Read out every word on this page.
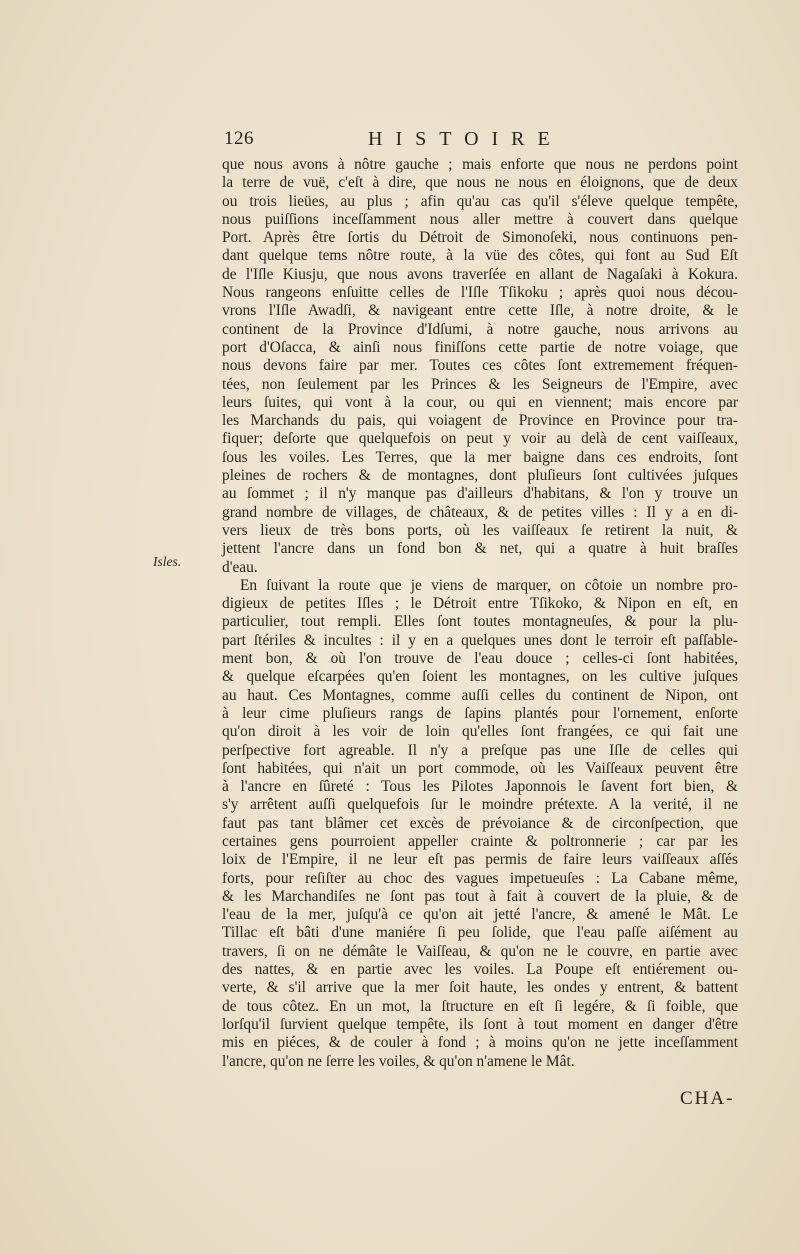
126	HISTOIRE
Isles.
que nous avons à nôtre gauche ; mais enforte que nous ne perdons point
la terre de vuë, c'eſt à dire, que nous ne nous en éloignons, que de deux
ou trois lieües, au plus ; afin qu'au cas qu'il s'éleve quelque tempête,
nous puiſſions inceſſamment nous aller mettre à couvert dans quelque
Port. Après être ſortis du Détroit de Simonoſeki, nous continuons pen-
dant quelque tems nôtre route, à la vüe des côtes, qui font au Sud Eſt
de l'Iſle Kiusju, que nous avons traverſée en allant de Nagaſaki à Kokura.
Nous rangeons enſuitte celles de l'Iſle Tſikoku ; après quoi nous décou-
vrons l'Iſle Awadſi, & navigeant entre cette Iſle, à notre droite, & le
continent de la Province d'Idſumi, à notre gauche, nous arrivons au
port d'Oſacca, & ainſi nous finiſſons cette partie de notre voiage, que
nous devons faire par mer. Toutes ces côtes ſont extremement fréquen-
tées, non ſeulement par les Princes & les Seigneurs de l'Empire, avec
leurs ſuites, qui vont à la cour, ou qui en viennent; mais encore par
les Marchands du pais, qui voiagent de Province en Province pour tra-
fiquer; deſorte que quelquefois on peut y voir au delà de cent vaiſſeaux,
ſous les voiles. Les Terres, que la mer baigne dans ces endroits, ſont
pleines de rochers & de montagnes, dont pluſieurs ſont cultivées juſques
au ſommet ; il n'y manque pas d'ailleurs d'habitans, & l'on y trouve un
grand nombre de villages, de châteaux, & de petites villes : Il y a en di-
vers lieux de très bons ports, où les vaiſſeaux ſe retirent la nuit, &
jettent l'ancre dans un fond bon & net, qui a quatre à huit braſſes
d'eau.
En ſuivant la route que je viens de marquer, on côtoie un nombre pro-
digieux de petites Iſles ; le Détroit entre Tſikoko, & Nipon en eſt, en
particulier, tout rempli. Elles ſont toutes montagneuſes, & pour la plu-
part ſtériles & incultes : il y en a quelques unes dont le terroir eſt paſſable-
ment bon, & où l'on trouve de l'eau douce ; celles-ci ſont habitées,
& quelque eſcarpées qu'en ſoient les montagnes, on les cultive juſques
au haut. Ces Montagnes, comme auſſi celles du continent de Nipon, ont
à leur cime pluſieurs rangs de ſapins plantés pour l'ornement, enſorte
qu'on diroit à les voir de loin qu'elles ſont frangées, ce qui fait une
perſpective fort agreable. Il n'y a preſque pas une Iſle de celles qui
ſont habitées, qui n'ait un port commode, où les Vaiſſeaux peuvent être
à l'ancre en ſûreté : Tous les Pilotes Japonnois le ſavent fort bien, &
s'y arrêtent auſſi quelquefois ſur le moindre prétexte. A la verité, il ne
faut pas tant blâmer cet excès de prévoiance & de circonſpection, que
certaines gens pourroient appeller crainte & poltronnerie ; car par les
loix de l'Empire, il ne leur eſt pas permis de faire leurs vaiſſeaux aſſés
forts, pour reſiſter au choc des vagues impetueuſes : La Cabane même,
& les Marchandiſes ne ſont pas tout à fait à couvert de la pluie, & de
l'eau de la mer, juſqu'à ce qu'on ait jetté l'ancre, & amené le Mât. Le
Tillac eſt bâti d'une maniére ſi peu ſolide, que l'eau paſſe aiſément au
travers, ſi on ne démâte le Vaiſſeau, & qu'on ne le couvre, en partie avec
des nattes, & en partie avec les voiles. La Poupe eſt entiérement ou-
verte, & s'il arrive que la mer ſoit haute, les ondes y entrent, & battent
de tous côtez. En un mot, la ſtructure en eſt ſi legére, & ſi foible, que
lorſqu'il ſurvient quelque tempête, ils ſont à tout moment en danger d'être
mis en piéces, & de couler à fond ; à moins qu'on ne jette inceſſamment
l'ancre, qu'on ne ſerre les voiles, & qu'on n'amene le Mât.
CHA-
